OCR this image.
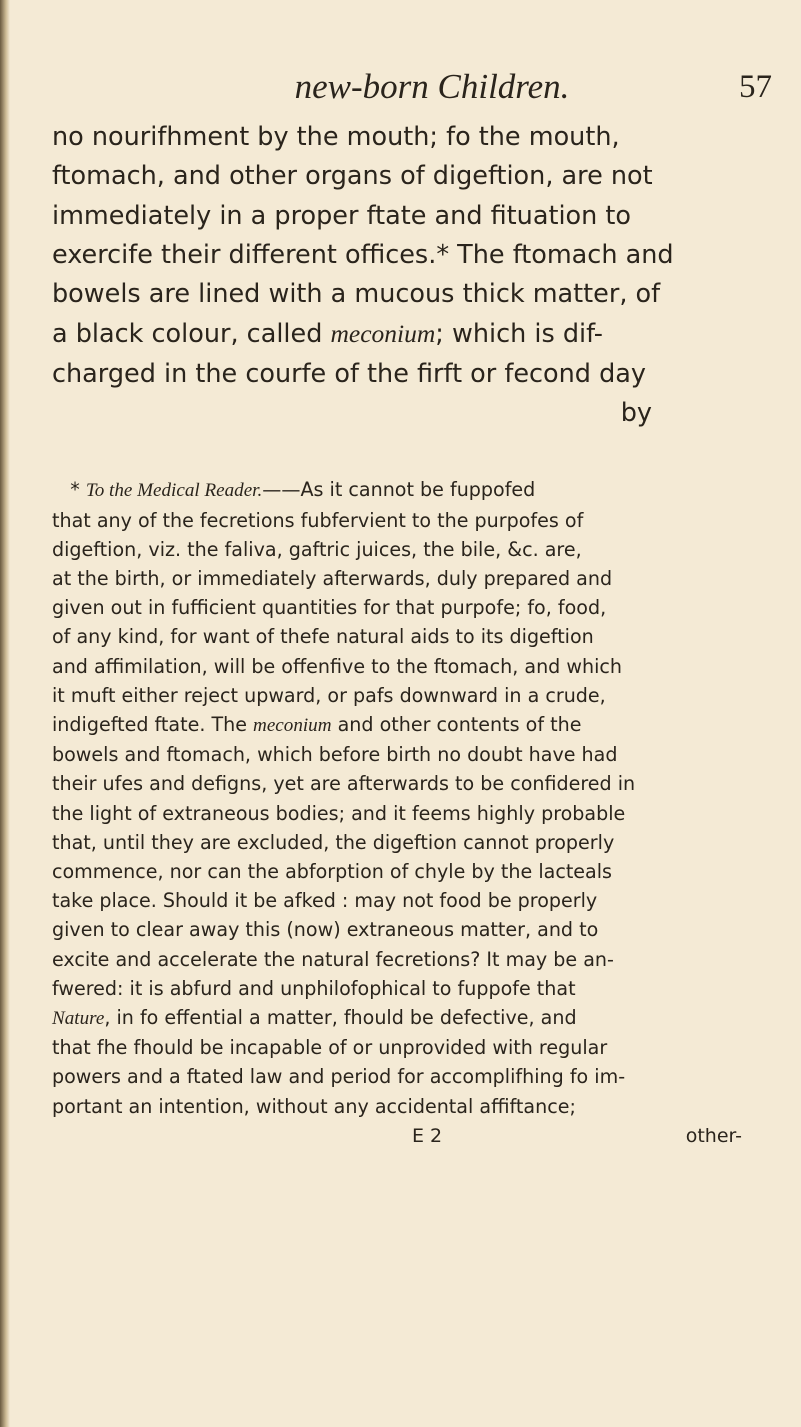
new-born Children.	57
no nourifhment by the mouth; fo the mouth,
ftomach, and other organs of digeftion, are not
immediately in a proper ftate and fituation to
exercife their different offices.* The ftomach and
bowels are lined with a mucous thick matter, of
a black colour, called meconium; which is dif-
charged in the courfe of the firft or fecond day
by
* To the Medical Reader.——As it cannot be fuppofed
that any of the fecretions fubfervient to the purpofes of
digeftion, viz. the faliva, gaftric juices, the bile, &c. are,
at the birth, or immediately afterwards, duly prepared and
given out in fufficient quantities for that purpofe; fo, food,
of any kind, for want of thefe natural aids to its digeftion
and affimilation, will be offenfive to the ftomach, and which
it muft either reject upward, or pafs downward in a crude,
indigefted ftate. The meconium and other contents of the
bowels and ftomach, which before birth no doubt have had
their ufes and defigns, yet are afterwards to be confidered in
the light of extraneous bodies; and it feems highly probable
that, until they are excluded, the digeftion cannot properly
commence, nor can the abforption of chyle by the lacteals
take place. Should it be afked : may not food be properly
given to clear away this (now) extraneous matter, and to
excite and accelerate the natural fecretions? It may be an-
fwered: it is abfurd and unphilofophical to fuppofe that
Nature, in fo effential a matter, fhould be defective, and
that fhe fhould be incapable of or unprovided with regular
powers and a ftated law and period for accomplifhing fo im-
portant an intention, without any accidental affiftance;
E 2	other-
